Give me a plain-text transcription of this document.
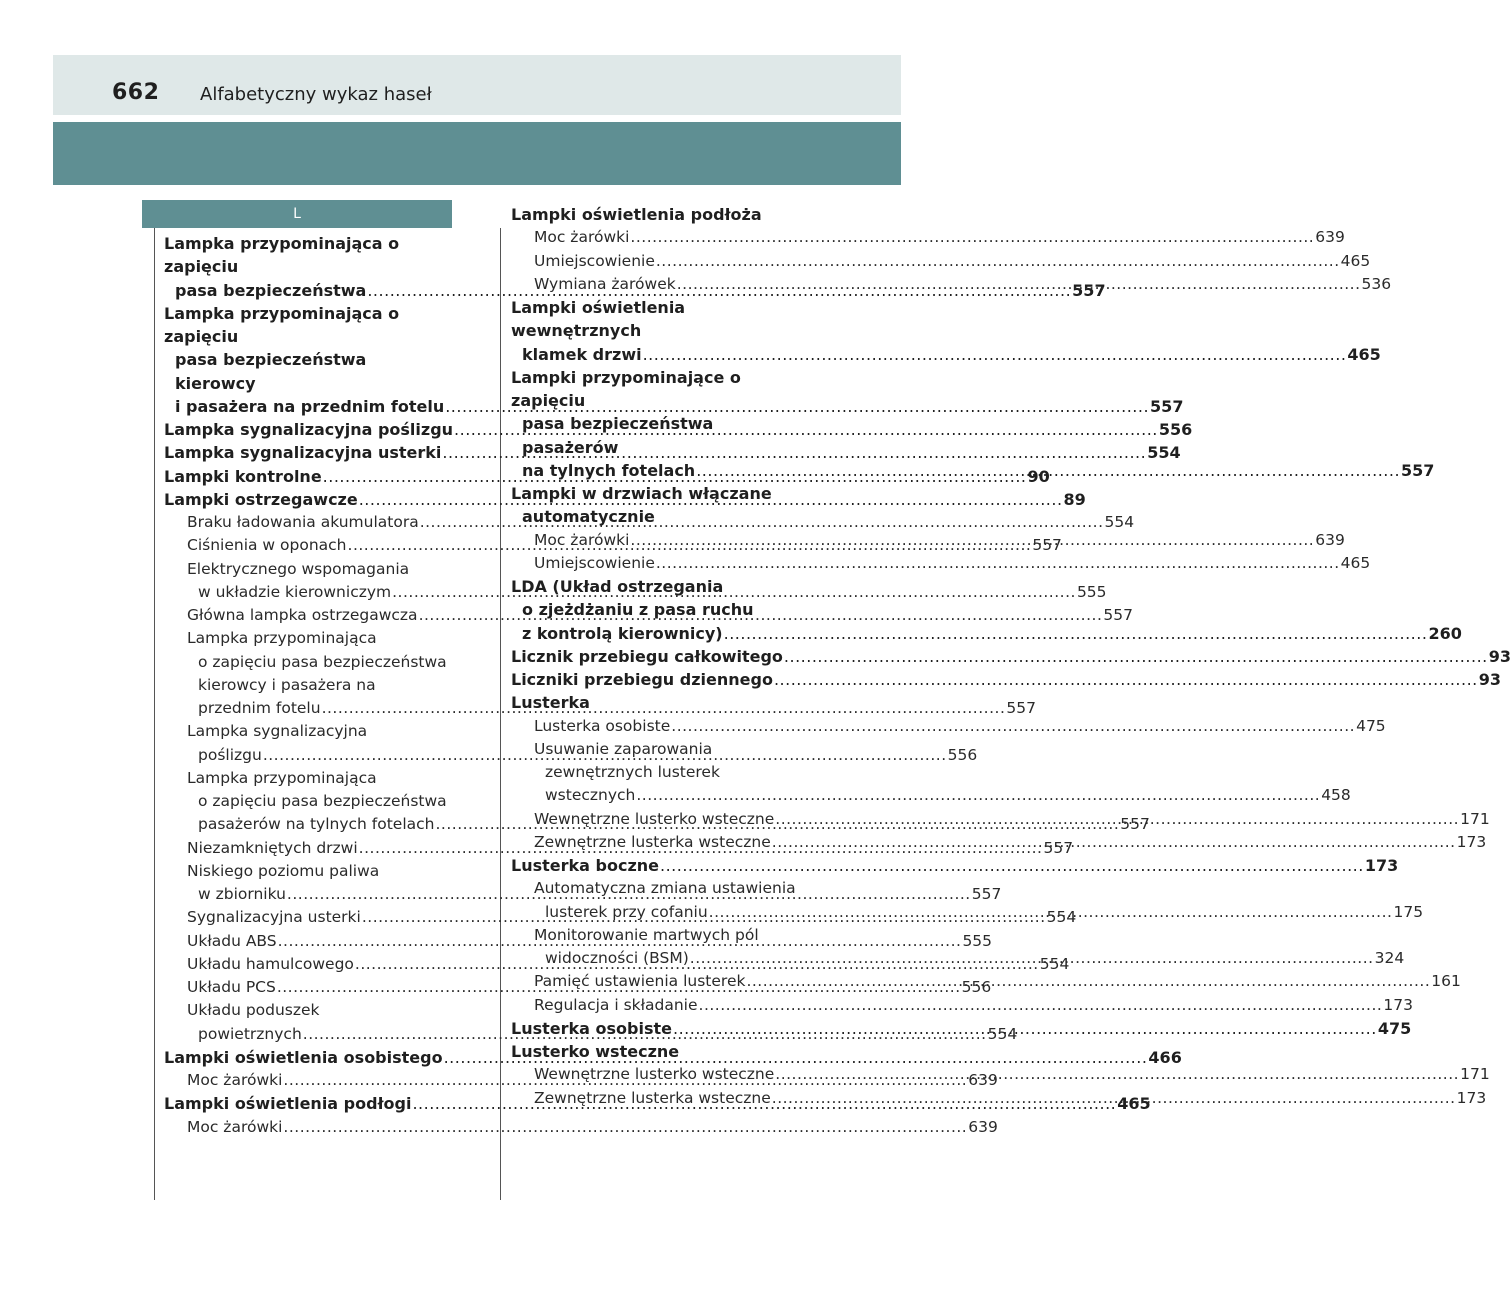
662 Alfabetyczny wykaz haseł
L
Lampka przypominająca o zapięciu
pasa bezpieczeństwa .....	557
Lampka przypominająca o zapięciu
pasa bezpieczeństwa kierowcy
i pasażera na przednim fotelu .....	557
Lampka sygnalizacyjna poślizgu .....	556
Lampka sygnalizacyjna usterki .....	554
Lampki kontrolne .....	90
Lampki ostrzegawcze .....	89
Braku ładowania akumulatora .....	554
Ciśnienia w oponach .....	557
Elektrycznego wspomagania
w układzie kierowniczym .....	555
Główna lampka ostrzegawcza .....	557
Lampka przypominająca
o zapięciu pasa bezpieczeństwa
kierowcy i pasażera na
przednim fotelu .....	557
Lampka sygnalizacyjna
poślizgu .....	556
Lampka przypominająca
o zapięciu pasa bezpieczeństwa
pasażerów na tylnych fotelach .....	557
Niezamkniętych drzwi .....	557
Niskiego poziomu paliwa
w zbiorniku .....	557
Sygnalizacyjna usterki .....	554
Układu ABS .....	555
Układu hamulcowego .....	554
Układu PCS .....	556
Układu poduszek
powietrznych .....	554
Lampki oświetlenia osobistego .....	466
Moc żarówki .....	639
Lampki oświetlenia podłogi .....	465
Moc żarówki .....	639
Lampki oświetlenia podłoża
Moc żarówki .....	639
Umiejscowienie .....	465
Wymiana żarówek .....	536
Lampki oświetlenia wewnętrznych
klamek drzwi .....	465
Lampki przypominające o zapięciu
pasa bezpieczeństwa pasażerów
na tylnych fotelach .....	557
Lampki w drzwiach włączane
automatycznie
Moc żarówki .....	639
Umiejscowienie .....	465
LDA (Układ ostrzegania
o zjeżdżaniu z pasa ruchu
z kontrolą kierownicy) .....	260
Licznik przebiegu całkowitego .....	93
Liczniki przebiegu dziennego .....	93
Lusterka
Lusterka osobiste .....	475
Usuwanie zaparowania
zewnętrznych lusterek
wstecznych .....	458
Wewnętrzne lusterko wsteczne .....	171
Zewnętrzne lusterka wsteczne .....	173
Lusterka boczne .....	173
Automatyczna zmiana ustawienia
lusterek przy cofaniu .....	175
Monitorowanie martwych pól
widoczności (BSM) .....	324
Pamięć ustawienia lusterek .....	161
Regulacja i składanie .....	173
Lusterka osobiste .....	475
Lusterko wsteczne
Wewnętrzne lusterko wsteczne .....	171
Zewnętrzne lusterka wsteczne .....	173
